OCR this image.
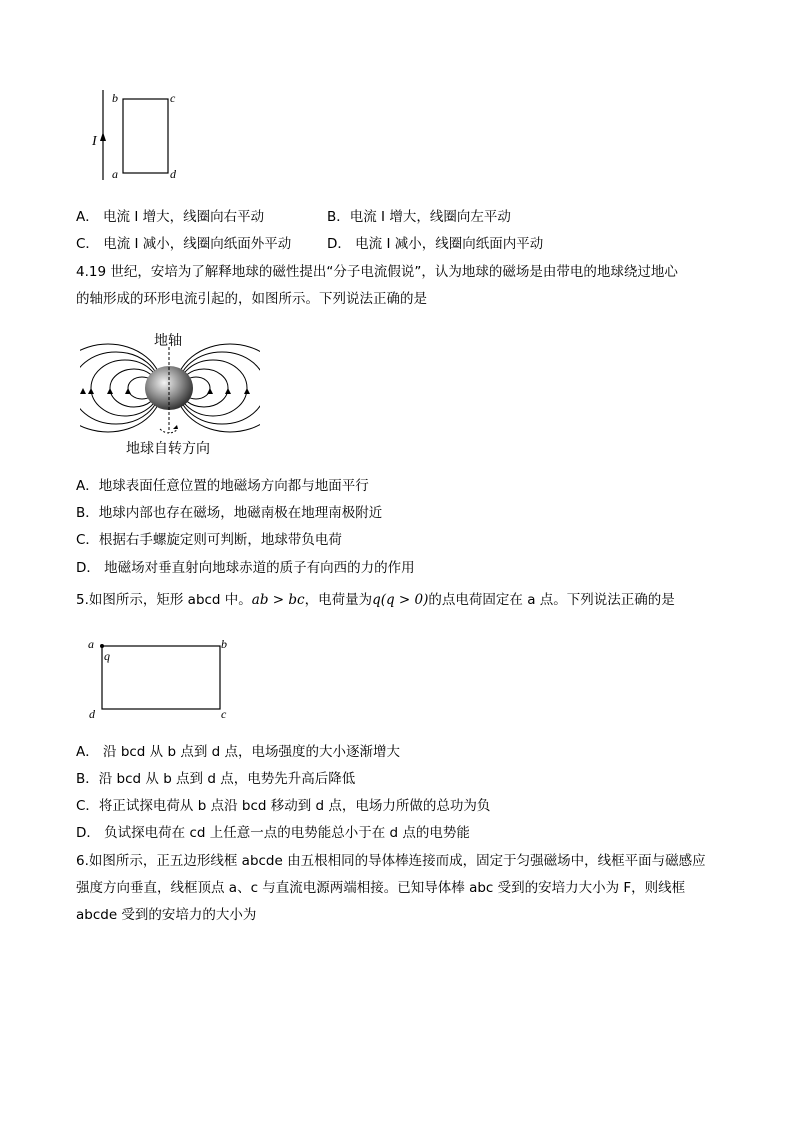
I
b	c
a	d
A． 电流 I 增大，线圈向右平动	B．电流 I 增大，线圈向左平动
C． 电流 I 减小，线圈向纸面外平动	D． 电流 I 减小，线圈向纸面内平动
4.19 世纪，安培为了解释地球的磁性提出“分子电流假说”，认为地球的磁场是由带电的地球绕过地心
的轴形成的环形电流引起的，如图所示。下列说法正确的是
地轴
地球自转方向
A．地球表面任意位置的地磁场方向都与地面平行
B．地球内部也存在磁场，地磁南极在地理南极附近
C．根据右手螺旋定则可判断，地球带负电荷
D． 地磁场对垂直射向地球赤道的质子有向西的力的作用
5.如图所示，矩形 abcd 中。ab > bc，电荷量为q(q > 0)的点电荷固定在 a 点。下列说法正确的是
a
q
b
d	c
A． 沿 bcd 从 b 点到 d 点，电场强度的大小逐渐增大
B．沿 bcd 从 b 点到 d 点，电势先升高后降低
C．将正试探电荷从 b 点沿 bcd 移动到 d 点，电场力所做的总功为负
D． 负试探电荷在 cd 上任意一点的电势能总小于在 d 点的电势能
6.如图所示，正五边形线框 abcde 由五根相同的导体棒连接而成，固定于匀强磁场中，线框平面与磁感应
强度方向垂直，线框顶点 a、c 与直流电源两端相接。已知导体棒 abc 受到的安培力大小为 F，则线框
abcde 受到的安培力的大小为
